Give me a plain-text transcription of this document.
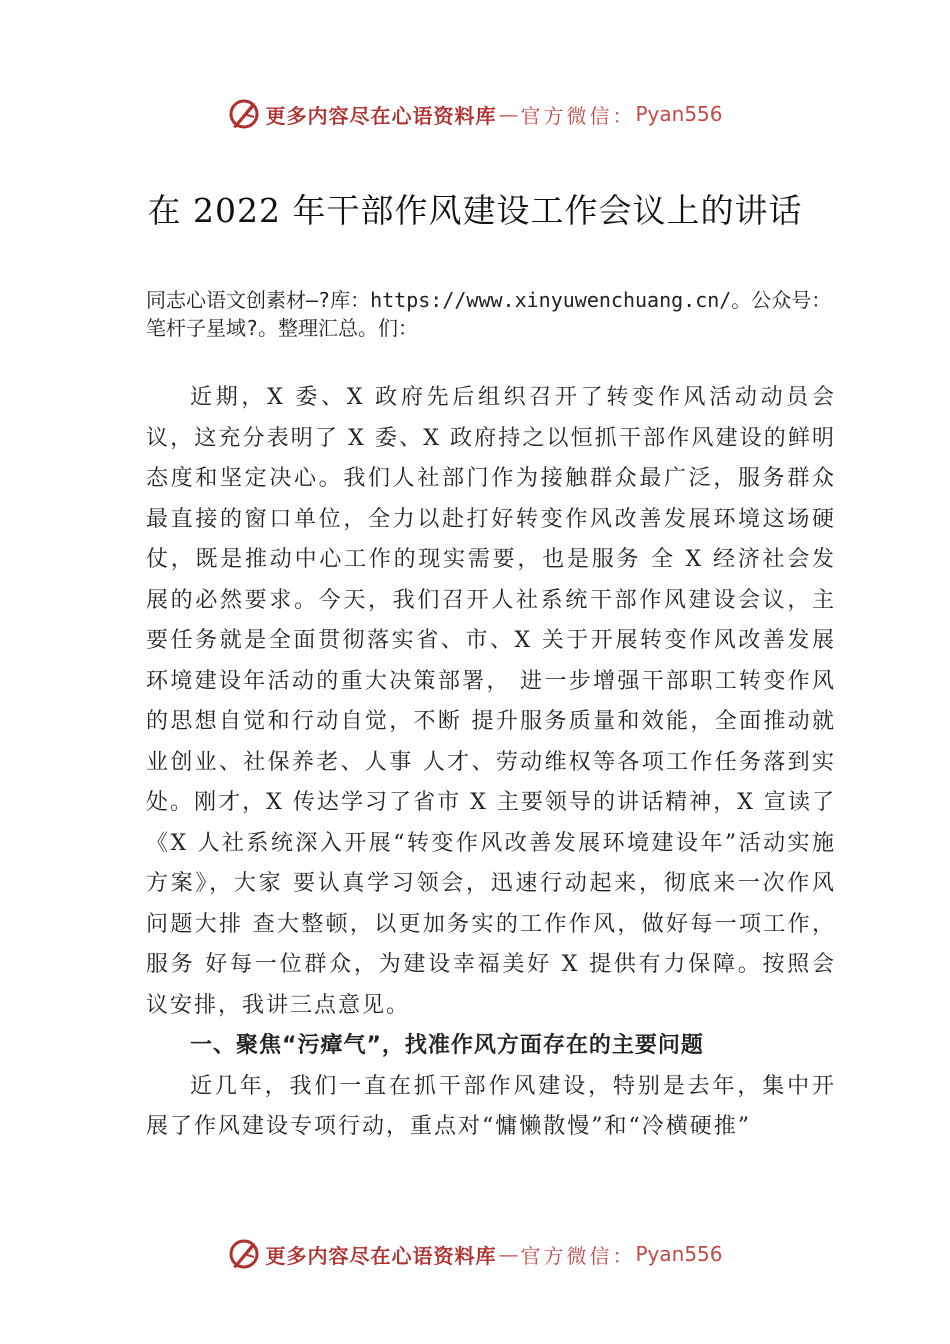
更多内容尽在心语资料库 — 官方微信： Pyan556
在 2022 年干部作风建设工作会议上的讲话
同志心语文创素材—?库：https://www.xinyuwenchuang.cn/。公众号：笔杆子星域?。整理汇总。们：

近期，X 委、X 政府先后组织召开了转变作风活动动员会议，这充分表明了 X 委、X 政府持之以恒抓干部作风建设的鲜明态度和坚定决心。我们人社部门作为接触群众最广泛，服务群众最直接的窗口单位，全力以赴打好转变作风改善发展环境这场硬仗，既是推动中心工作的现实需要，也是服务 全 X 经济社会发展的必然要求。今天，我们召开人社系统干部作风建设会议，主要任务就是全面贯彻落实省、市、X 关于开展转变作风改善发展环境建设年活动的重大决策部署， 进一步增强干部职工转变作风的思想自觉和行动自觉，不断 提升服务质量和效能，全面推动就业创业、社保养老、人事 人才、劳动维权等各项工作任务落到实处。刚才，X 传达学习了省市 X 主要领导的讲话精神，X 宣读了《X 人社系统深入开展“转变作风改善发展环境建设年”活动实施方案》，大家 要认真学习领会，迅速行动起来，彻底来一次作风问题大排 查大整顿，以更加务实的工作作风，做好每一项工作，服务 好每一位群众，为建设幸福美好 X 提供有力保障。按照会议安排，我讲三点意见。

一、聚焦“污瘴气”，找准作风方面存在的主要问题

近几年，我们一直在抓干部作风建设，特别是去年，集中开展了作风建设专项行动，重点对“慵懒散慢”和“冷横硬推”

更多内容尽在心语资料库 — 官方微信： Pyan556
